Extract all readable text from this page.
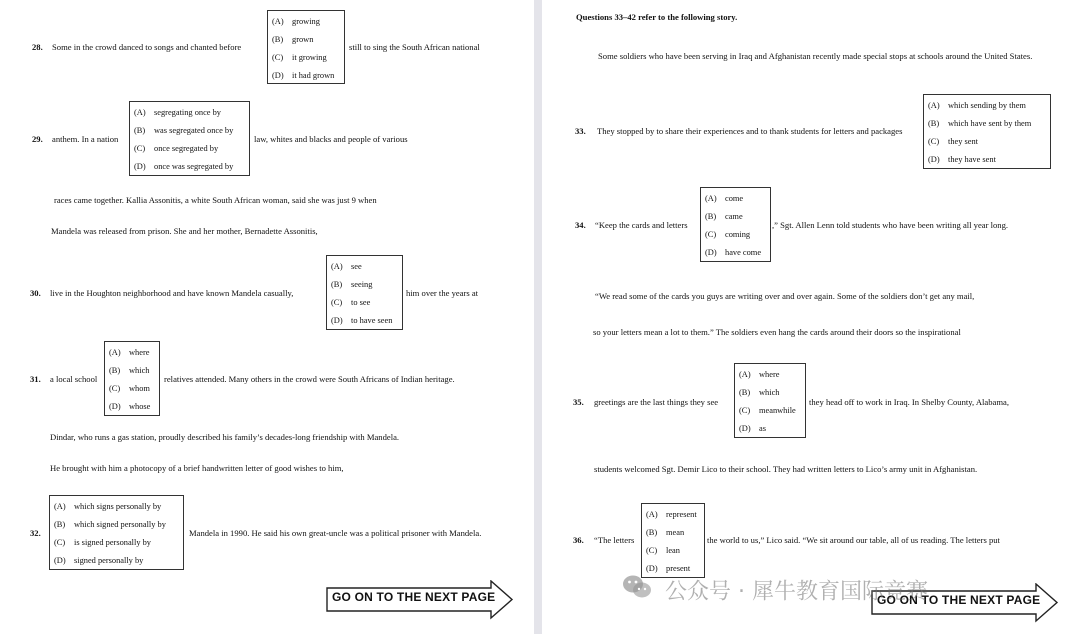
28. Some in the crowd danced to songs and chanted before
(A) growing
(B) grown
(C) it growing
(D) it had grown
still to sing the South African national
29. anthem. In a nation
(A) segregating once by
(B) was segregated once by
(C) once segregated by
(D) once was segregated by
law, whites and blacks and people of various
races came together. Kallia Assonitis, a white South African woman, said she was just 9 when
Mandela was released from prison. She and her mother, Bernadette Assonitis,
30. live in the Houghton neighborhood and have known Mandela casually,
(A) see
(B) seeing
(C) to see
(D) to have seen
him over the years at
31. a local school
(A) where
(B) which
(C) whom
(D) whose
relatives attended. Many others in the crowd were South Africans of Indian heritage.
Dindar, who runs a gas station, proudly described his family’s decades-long friendship with Mandela.
He brought with him a photocopy of a brief handwritten letter of good wishes to him,
32.
(A) which signs personally by
(B) which signed personally by
(C) is signed personally by
(D) signed personally by
Mandela in 1990. He said his own great-uncle was a political prisoner with Mandela.
GO ON TO THE NEXT PAGE
Questions 33–42 refer to the following story.
Some soldiers who have been serving in Iraq and Afghanistan recently made special stops at schools around the United States.
33. They stopped by to share their experiences and to thank students for letters and packages
(A) which sending by them
(B) which have sent by them
(C) they sent
(D) they have sent
34. “Keep the cards and letters
(A) come
(B) came
(C) coming
(D) have come
,” Sgt. Allen Lenn told students who have been writing all year long.
“We read some of the cards you guys are writing over and over again. Some of the soldiers don’t get any mail,
so your letters mean a lot to them.” The soldiers even hang the cards around their doors so the inspirational
35. greetings are the last things they see
(A) where
(B) which
(C) meanwhile
(D) as
they head off to work in Iraq. In Shelby County, Alabama,
students welcomed Sgt. Demir Lico to their school. They had written letters to Lico’s army unit in Afghanistan.
36. “The letters
(A) represent
(B) mean
(C) lean
(D) present
the world to us,” Lico said. “We sit around our table, all of us reading. The letters put
GO ON TO THE NEXT PAGE
公众号 · 犀牛教育国际竞赛
